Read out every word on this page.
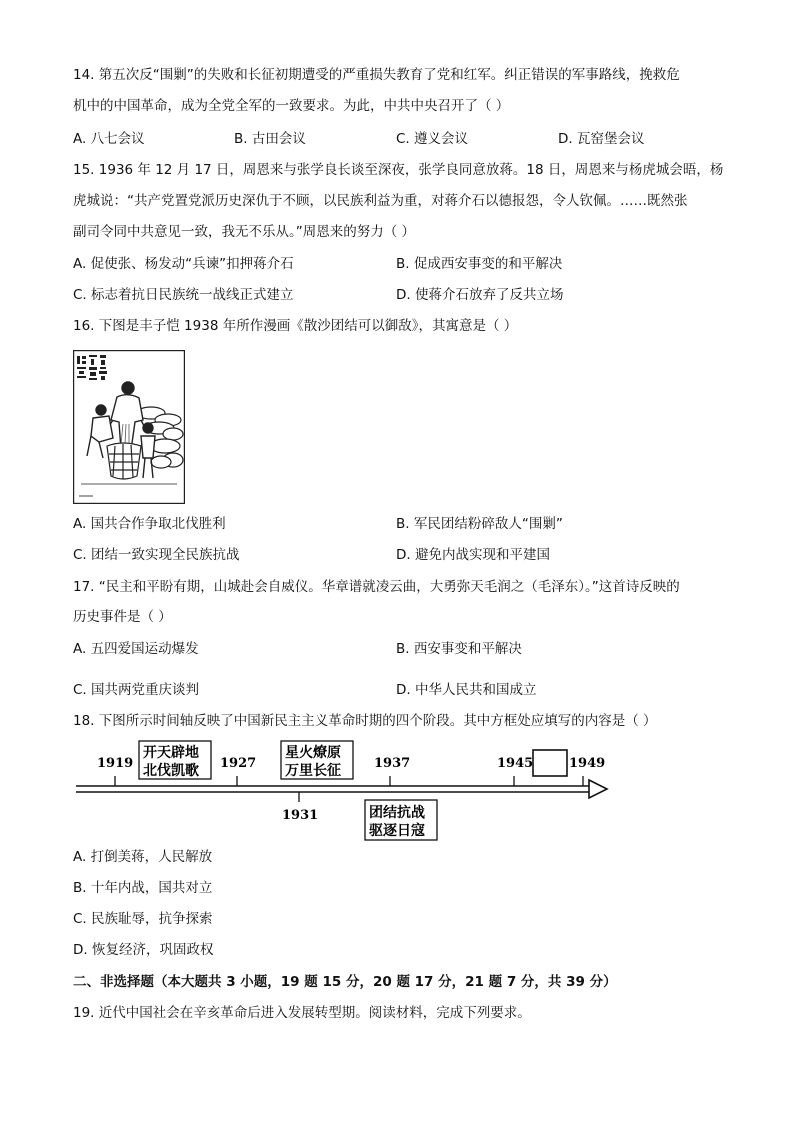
14. 第五次反“围剿”的失败和长征初期遭受的严重损失教育了党和红军。纠正错误的军事路线，挽救危
机中的中国革命，成为全党全军的一致要求。为此，中共中央召开了（ ）
A. 八七会议	B. 古田会议	C. 遵义会议	D. 瓦窑堡会议
15. 1936 年 12 月 17 日，周恩来与张学良长谈至深夜，张学良同意放蒋。18 日，周恩来与杨虎城会晤，杨
虎城说：“共产党置党派历史深仇于不顾，以民族利益为重，对蒋介石以德报怨，令人钦佩。……既然张
副司令同中共意见一致，我无不乐从。”周恩来的努力（ ）
A. 促使张、杨发动“兵谏”扣押蒋介石	B. 促成西安事变的和平解决
C. 标志着抗日民族统一战线正式建立	D. 使蒋介石放弃了反共立场
16. 下图是丰子恺 1938 年所作漫画《散沙团结可以御敌》，其寓意是（ ）
A. 国共合作争取北伐胜利	B. 军民团结粉碎敌人“围剿”
C. 团结一致实现全民族抗战	D. 避免内战实现和平建国
17. “民主和平盼有期，山城赴会自威仪。华章谱就凌云曲，大勇弥天毛润之（毛泽东）。”这首诗反映的
历史事件是（ ）
A. 五四爱国运动爆发	B. 西安事变和平解决
C. 国共两党重庆谈判	D. 中华人民共和国成立
18. 下图所示时间轴反映了中国新民主主义革命时期的四个阶段。其中方框处应填写的内容是（ ）
1919	1927	1937	1945	1949
1931
开天辟地
北伐凯歌
星火燎原
万里长征
团结抗战
驱逐日寇
A. 打倒美蒋，人民解放
B. 十年内战，国共对立
C. 民族耻辱，抗争探索
D. 恢复经济，巩固政权
二、非选择题（本大题共 3 小题，19 题 15 分，20 题 17 分，21 题 7 分，共 39 分）
19. 近代中国社会在辛亥革命后进入发展转型期。阅读材料，完成下列要求。
